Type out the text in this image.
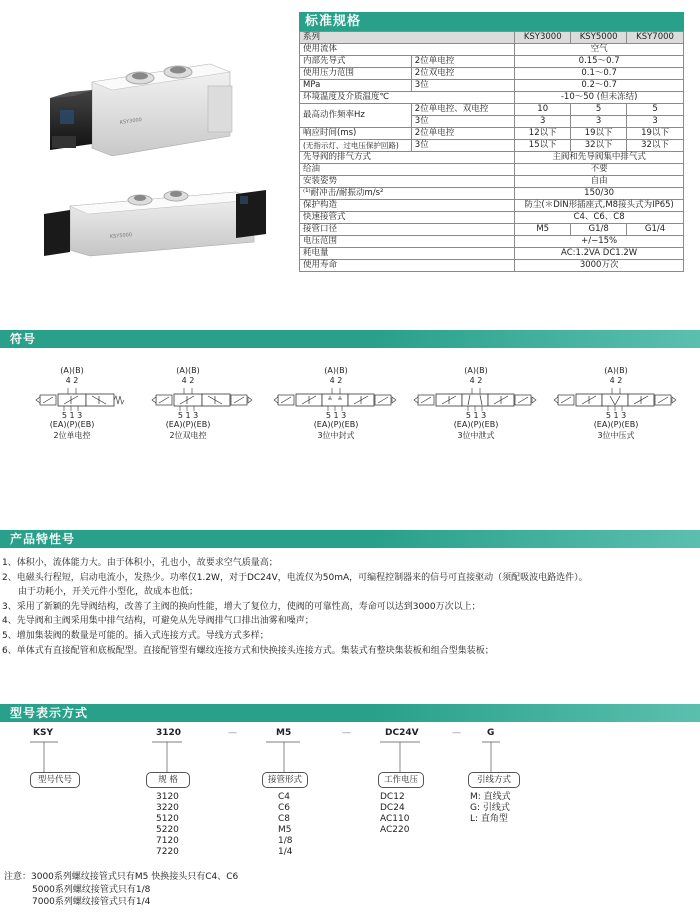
KSY3000
KSY5000
标准规格
系列		KSY3000	KSY5000	KSY7000
使用流体		空气		
内部先导式	2位单电控	0.15～0.7		
使用压力范围	2位双电控	0.1～0.7		
MPa	3位	0.2～0.7		
环境温度及介质温度℃		-10～50 (但未冻结)		
最高动作频率Hz	2位单电控、双电控	10	5	5
	3位	3	3	3
响应时间(ms)	2位单电控	12以下	19以下	19以下
(无指示灯、过电压保护回路)	3位	15以下	32以下	32以下
先导阀的排气方式		主阀和先导阀集中排气式		
给油		不要		
安装姿势		自由		
⁽¹⁾耐冲击/耐振动m/s²		150/30		
保护构造		防尘(＊DIN形插座式,M8接头式为IP65)		
快速接管式		C4、C6、C8		
接管口径		M5	G1/8	G1/4
电压范围		+/−15%		
耗电量		AC:1.2VA DC1.2W		
使用寿命		3000万次		
符号
(A)(B)
4 2
5 1 3
(EA)(P)(EB)
2位单电控
(A)(B)
4 2
5 1 3
(EA)(P)(EB)
2位双电控
(A)(B)
4 2
5 1 3
(EA)(P)(EB)
3位中封式
(A)(B)
4 2
5 1 3
(EA)(P)(EB)
3位中泄式
(A)(B)
4 2
5 1 3
(EA)(P)(EB)
3位中压式
产品特性号
1、体积小，流体能力大。由于体积小，孔也小，故要求空气质量高；
2、电磁头行程短，启动电流小，发热少。功率仅1.2W，对于DC24V，电流仅为50mA，可编程控制器来的信号可直接驱动（须配吸波电路选件）。
由于功耗小，开关元件小型化，故成本也低；
3、采用了新颖的先导阀结构，改善了主阀的换向性能，增大了复位力，使阀的可靠性高，寿命可以达到3000万次以上；
4、先导阀和主阀采用集中排气结构，可避免从先导阀排气口排出油雾和噪声；
5、增加集装阀的数量是可能的。插入式连接方式。导线方式多样；
6、单体式有直接配管和底板配型。直接配管型有螺纹连接方式和快换接头连接方式。集装式有整块集装板和组合型集装板；
型号表示方式
KSY	3120	M5	DC24V	G
—	—	—
型号代号	规 格	接管形式	工作电压	引线方式
3120
3220
5120
5220
7120
7220
C4
C6
C8
M5
1/8
1/4
DC12
DC24
AC110
AC220
M: 直线式
G: 引线式
L: 直角型
注意：3000系列螺纹接管式只有M5 快换接头只有C4、C6
5000系列螺纹接管式只有1/8
7000系列螺纹接管式只有1/4
